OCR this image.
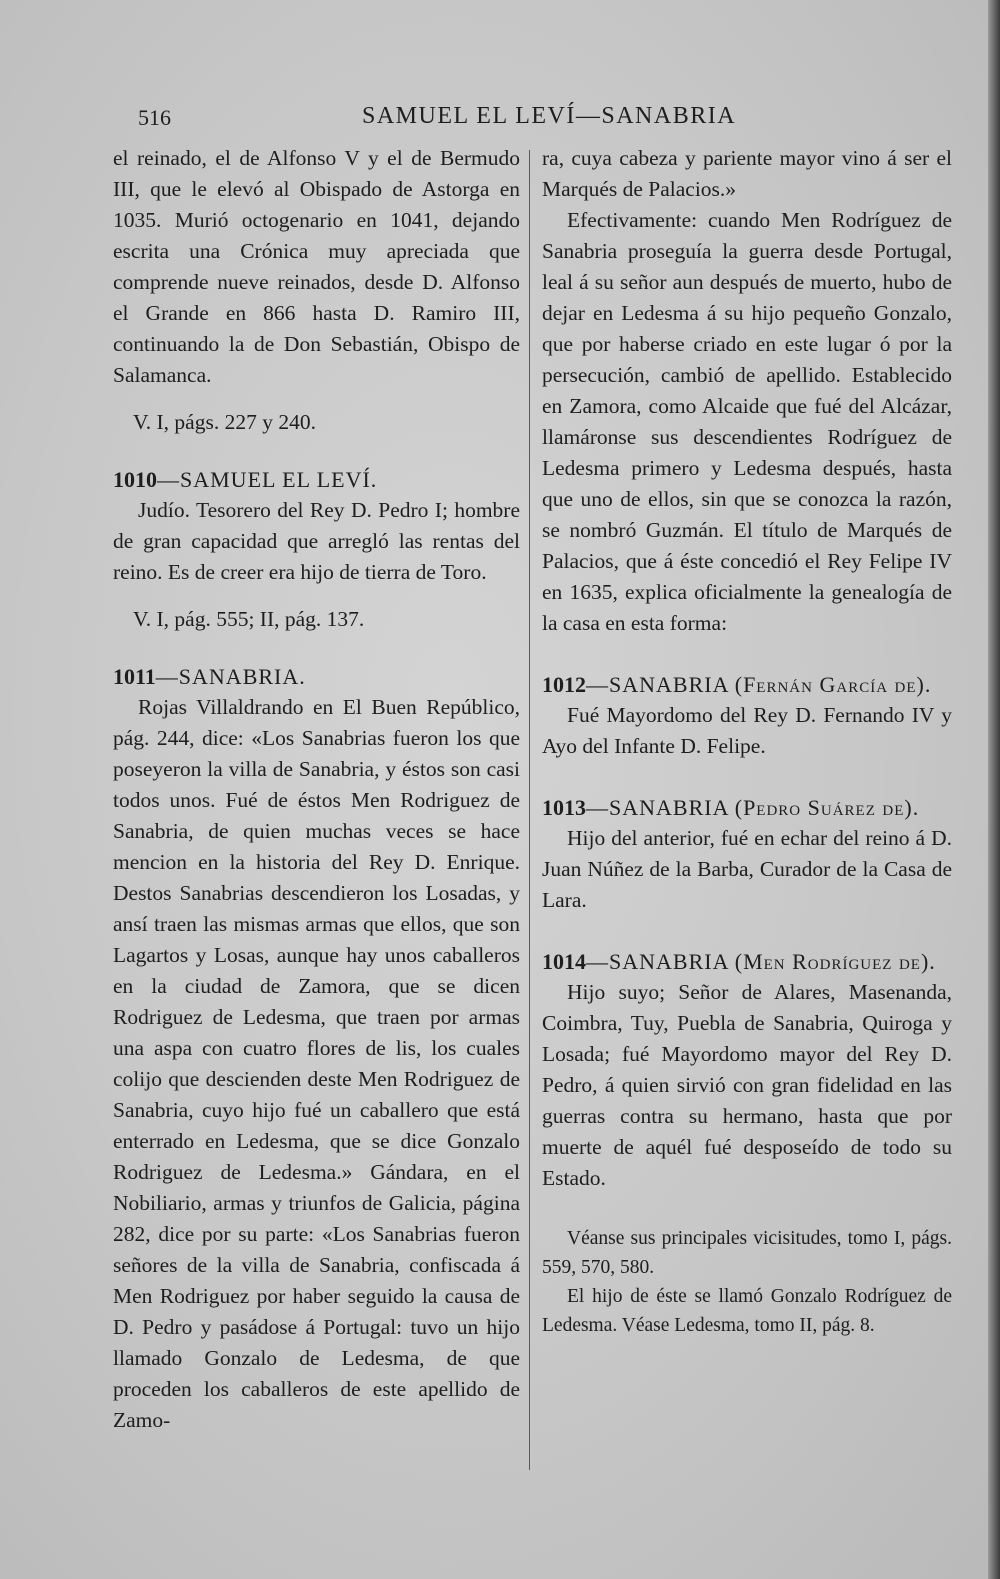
516	SAMUEL EL LEVÍ—SANABRIA

el reinado, el de Alfonso V y el de Bermudo III, que le elevó al Obispado de Astorga en 1035. Murió octogenario en 1041, dejando escrita una Crónica muy apreciada que comprende nueve reinados, desde D. Alfonso el Grande en 866 hasta D. Ramiro III, continuando la de Don Sebastián, Obispo de Salamanca.

V. I, págs. 227 y 240.

1010—SAMUEL EL LEVÍ.

Judío. Tesorero del Rey D. Pedro I; hombre de gran capacidad que arregló las rentas del reino. Es de creer era hijo de tierra de Toro.

V. I, pág. 555; II, pág. 137.

1011—SANABRIA.

Rojas Villaldrando en El Buen Repúblico, pág. 244, dice: «Los Sanabrias fueron los que poseyeron la villa de Sanabria, y éstos son casi todos unos. Fué de éstos Men Rodriguez de Sanabria, de quien muchas veces se hace mencion en la historia del Rey D. Enrique. Destos Sanabrias descendieron los Losadas, y ansí traen las mismas armas que ellos, que son Lagartos y Losas, aunque hay unos caballeros en la ciudad de Zamora, que se dicen Rodriguez de Ledesma, que traen por armas una aspa con cuatro flores de lis, los cuales colijo que descienden deste Men Rodriguez de Sanabria, cuyo hijo fué un caballero que está enterrado en Ledesma, que se dice Gonzalo Rodriguez de Ledesma.» Gándara, en el Nobiliario, armas y triunfos de Galicia, página 282, dice por su parte: «Los Sanabrias fueron señores de la villa de Sanabria, confiscada á Men Rodriguez por haber seguido la causa de D. Pedro y pasádose á Portugal: tuvo un hijo llamado Gonzalo de Ledesma, de que proceden los caballeros de este apellido de Zamo-

ra, cuya cabeza y pariente mayor vino á ser el Marqués de Palacios.»

Efectivamente: cuando Men Rodríguez de Sanabria proseguía la guerra desde Portugal, leal á su señor aun después de muerto, hubo de dejar en Ledesma á su hijo pequeño Gonzalo, que por haberse criado en este lugar ó por la persecución, cambió de apellido. Establecido en Zamora, como Alcaide que fué del Alcázar, llamáronse sus descendientes Rodríguez de Ledesma primero y Ledesma después, hasta que uno de ellos, sin que se conozca la razón, se nombró Guzmán. El título de Marqués de Palacios, que á éste concedió el Rey Felipe IV en 1635, explica oficialmente la genealogía de la casa en esta forma:

1012—SANABRIA (Fernán García de).

Fué Mayordomo del Rey D. Fernando IV y Ayo del Infante D. Felipe.

1013—SANABRIA (Pedro Suárez de).

Hijo del anterior, fué en echar del reino á D. Juan Núñez de la Barba, Curador de la Casa de Lara.

1014—SANABRIA (Men Rodríguez de).

Hijo suyo; Señor de Alares, Masenanda, Coimbra, Tuy, Puebla de Sanabria, Quiroga y Losada; fué Mayordomo mayor del Rey D. Pedro, á quien sirvió con gran fidelidad en las guerras contra su hermano, hasta que por muerte de aquél fué desposeído de todo su Estado.

Véanse sus principales vicisitudes, tomo I, págs. 559, 570, 580.

El hijo de éste se llamó Gonzalo Rodríguez de Ledesma. Véase Ledesma, tomo II, pág. 8.
